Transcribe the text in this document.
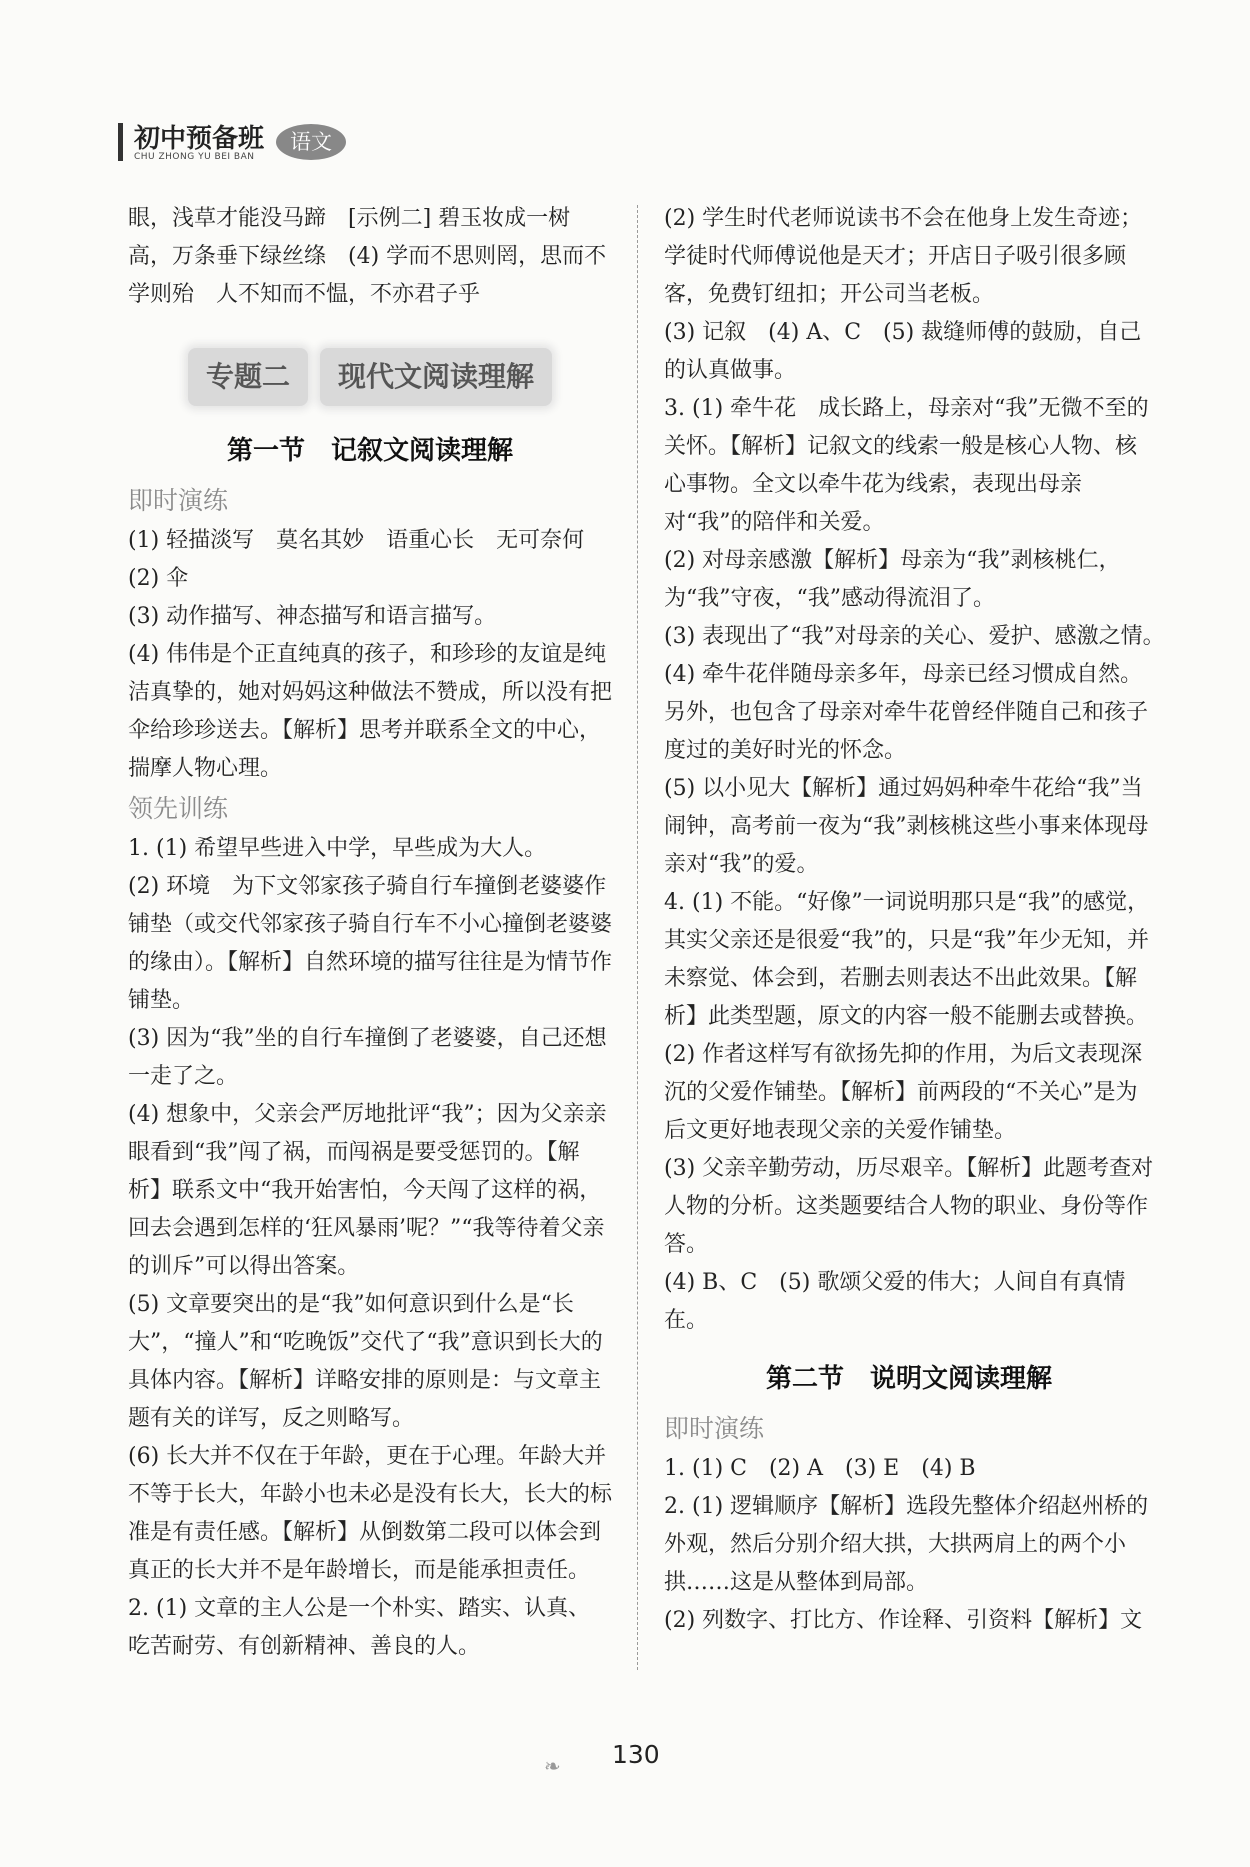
初中预备班
CHU ZHONG YU BEI BAN
语文

眼，浅草才能没马蹄　[示例二] 碧玉妆成一树高，万条垂下绿丝绦　(4) 学而不思则罔，思而不学则殆　人不知而不愠，不亦君子乎

专题二	现代文阅读理解
第一节　记叙文阅读理解
即时演练

(1) 轻描淡写　莫名其妙　语重心长　无可奈何

(2) 伞

(3) 动作描写、神态描写和语言描写。

(4) 伟伟是个正直纯真的孩子，和珍珍的友谊是纯洁真挚的，她对妈妈这种做法不赞成，所以没有把伞给珍珍送去。【解析】思考并联系全文的中心，揣摩人物心理。

领先训练

1. (1) 希望早些进入中学，早些成为大人。

(2) 环境　为下文邻家孩子骑自行车撞倒老婆婆作铺垫（或交代邻家孩子骑自行车不小心撞倒老婆婆的缘由）。【解析】自然环境的描写往往是为情节作铺垫。

(3) 因为“我”坐的自行车撞倒了老婆婆，自己还想一走了之。

(4) 想象中，父亲会严厉地批评“我”；因为父亲亲眼看到“我”闯了祸，而闯祸是要受惩罚的。【解析】联系文中“我开始害怕，今天闯了这样的祸，回去会遇到怎样的‘狂风暴雨’呢？”“我等待着父亲的训斥”可以得出答案。

(5) 文章要突出的是“我”如何意识到什么是“长大”，“撞人”和“吃晚饭”交代了“我”意识到长大的具体内容。【解析】详略安排的原则是：与文章主题有关的详写，反之则略写。

(6) 长大并不仅在于年龄，更在于心理。年龄大并不等于长大，年龄小也未必是没有长大，长大的标准是有责任感。【解析】从倒数第二段可以体会到真正的长大并不是年龄增长，而是能承担责任。

2. (1) 文章的主人公是一个朴实、踏实、认真、吃苦耐劳、有创新精神、善良的人。

(2) 学生时代老师说读书不会在他身上发生奇迹；学徒时代师傅说他是天才；开店日子吸引很多顾客，免费钉纽扣；开公司当老板。

(3) 记叙　(4) A、C　(5) 裁缝师傅的鼓励，自己的认真做事。

3. (1) 牵牛花　成长路上，母亲对“我”无微不至的关怀。【解析】记叙文的线索一般是核心人物、核心事物。全文以牵牛花为线索，表现出母亲对“我”的陪伴和关爱。

(2) 对母亲感激【解析】母亲为“我”剥核桃仁，为“我”守夜，“我”感动得流泪了。

(3) 表现出了“我”对母亲的关心、爱护、感激之情。　(4) 牵牛花伴随母亲多年，母亲已经习惯成自然。另外，也包含了母亲对牵牛花曾经伴随自己和孩子度过的美好时光的怀念。

(5) 以小见大【解析】通过妈妈种牵牛花给“我”当闹钟，高考前一夜为“我”剥核桃这些小事来体现母亲对“我”的爱。

4. (1) 不能。“好像”一词说明那只是“我”的感觉，其实父亲还是很爱“我”的，只是“我”年少无知，并未察觉、体会到，若删去则表达不出此效果。【解析】此类型题，原文的内容一般不能删去或替换。

(2) 作者这样写有欲扬先抑的作用，为后文表现深沉的父爱作铺垫。【解析】前两段的“不关心”是为后文更好地表现父亲的关爱作铺垫。

(3) 父亲辛勤劳动，历尽艰辛。【解析】此题考查对人物的分析。这类题要结合人物的职业、身份等作答。

(4) B、C　(5) 歌颂父爱的伟大；人间自有真情在。

第二节　说明文阅读理解
即时演练

1. (1) C　(2) A　(3) E　(4) B

2. (1) 逻辑顺序【解析】选段先整体介绍赵州桥的外观，然后分别介绍大拱，大拱两肩上的两个小拱……这是从整体到局部。

(2) 列数字、打比方、作诠释、引资料【解析】文

❧ 130
